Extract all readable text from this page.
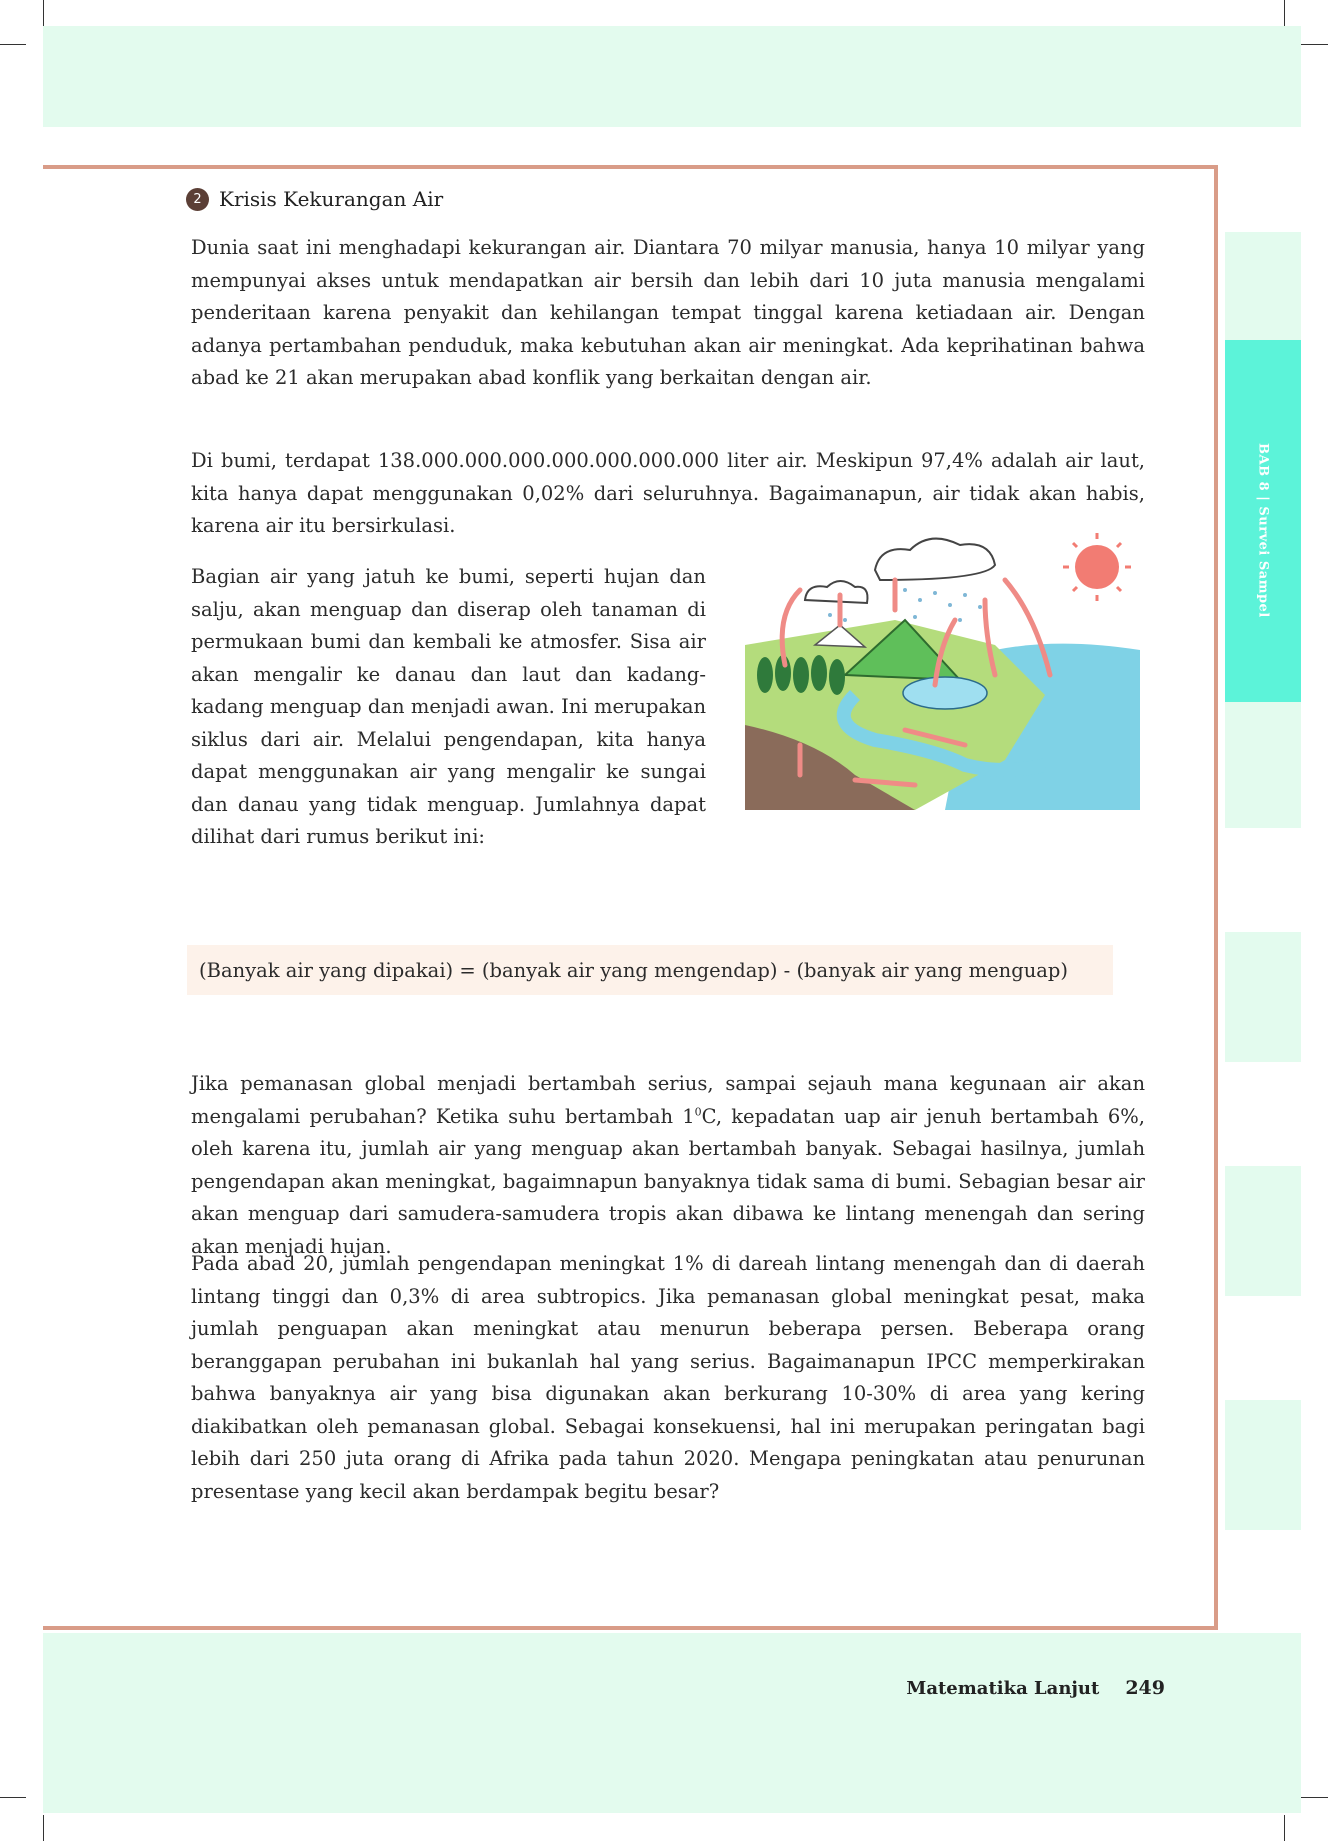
BAB 8 | Survei Sampel
2 Krisis Kekurangan Air

Dunia saat ini menghadapi kekurangan air. Diantara 70 milyar manusia, hanya 10 milyar yang mempunyai akses untuk mendapatkan air bersih dan lebih dari 10 juta manusia mengalami penderitaan karena penyakit dan kehilangan tempat tinggal karena ketiadaan air. Dengan adanya pertambahan penduduk, maka kebutuhan akan air meningkat. Ada keprihatinan bahwa abad ke 21 akan merupakan abad konflik yang berkaitan dengan air.

Di bumi, terdapat 138.000.000.000.000.000.000.000 liter air. Meskipun 97,4% adalah air laut, kita hanya dapat menggunakan 0,02% dari seluruhnya. Bagaimanapun, air tidak akan habis, karena air itu bersirkulasi.

Bagian air yang jatuh ke bumi, seperti hujan dan salju, akan menguap dan diserap oleh tanaman di permukaan bumi dan kembali ke atmosfer. Sisa air akan mengalir ke danau dan laut dan kadang-kadang menguap dan menjadi awan. Ini merupakan siklus dari air. Melalui pengendapan, kita hanya dapat menggunakan air yang mengalir ke sungai dan danau yang tidak menguap. Jumlahnya dapat dilihat dari rumus berikut ini:

(Banyak air yang dipakai) = (banyak air yang mengendap) - (banyak air yang menguap)

Jika pemanasan global menjadi bertambah serius, sampai sejauh mana kegunaan air akan mengalami perubahan? Ketika suhu bertambah $1^0C$, kepadatan uap air jenuh bertambah 6%, oleh karena itu, jumlah air yang menguap akan bertambah banyak. Sebagai hasilnya, jumlah pengendapan akan meningkat, bagaimnapun banyaknya tidak sama di bumi. Sebagian besar air akan menguap dari samudera-samudera tropis akan dibawa ke lintang menengah dan sering akan menjadi hujan.

Pada abad 20, jumlah pengendapan meningkat 1% di dareah lintang menengah dan di daerah lintang tinggi dan 0,3% di area subtropics. Jika pemanasan global meningkat pesat, maka jumlah penguapan akan meningkat atau menurun beberapa persen. Beberapa orang beranggapan perubahan ini bukanlah hal yang serius. Bagaimanapun IPCC memperkirakan bahwa banyaknya air yang bisa digunakan akan berkurang 10-30% di area yang kering diakibatkan oleh pemanasan global. Sebagai konsekuensi, hal ini merupakan peringatan bagi lebih dari 250 juta orang di Afrika pada tahun 2020. Mengapa peningkatan atau penurunan presentase yang kecil akan berdampak begitu besar?

Matematika Lanjut 249
